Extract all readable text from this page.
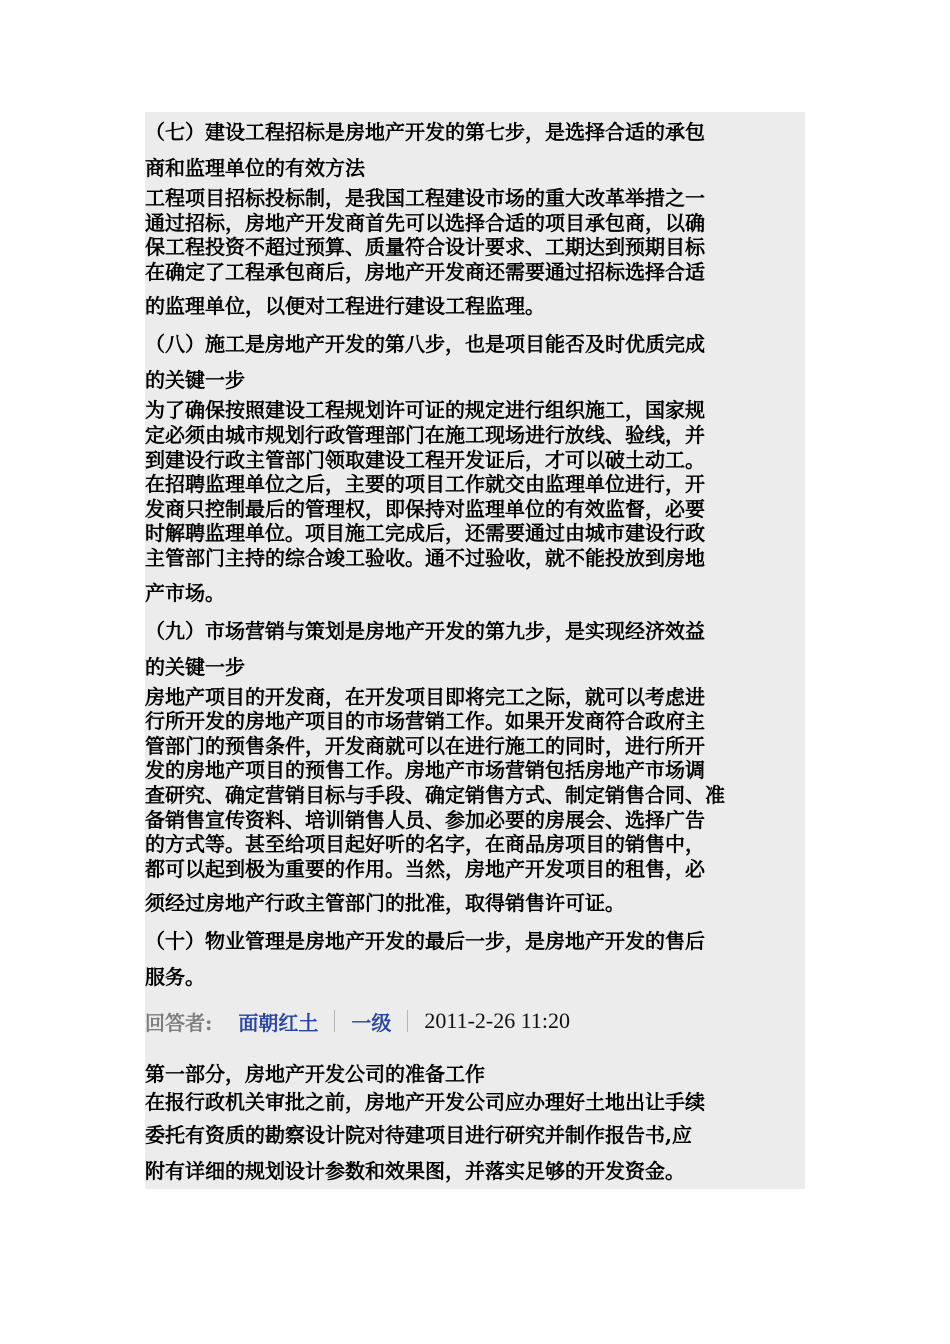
（七）建设工程招标是房地产开发的第七步，是选择合适的承包
商和监理单位的有效方法

工程项目招标投标制，是我国工程建设市场的重大改革举措之一

通过招标，房地产开发商首先可以选择合适的项目承包商，以确

保工程投资不超过预算、质量符合设计要求、工期达到预期目标

在确定了工程承包商后，房地产开发商还需要通过招标选择合适

的监理单位，以便对工程进行建设工程监理。

（八）施工是房地产开发的第八步，也是项目能否及时优质完成
的关键一步

为了确保按照建设工程规划许可证的规定进行组织施工，国家规

定必须由城市规划行政管理部门在施工现场进行放线、验线，并

到建设行政主管部门领取建设工程开发证后，才可以破土动工。

在招聘监理单位之后，主要的项目工作就交由监理单位进行，开

发商只控制最后的管理权，即保持对监理单位的有效监督，必要

时解聘监理单位。项目施工完成后，还需要通过由城市建设行政

主管部门主持的综合竣工验收。通不过验收，就不能投放到房地

产市场。

（九）市场营销与策划是房地产开发的第九步，是实现经济效益
的关键一步

房地产项目的开发商，在开发项目即将完工之际，就可以考虑进

行所开发的房地产项目的市场营销工作。如果开发商符合政府主

管部门的预售条件，开发商就可以在进行施工的同时，进行所开

发的房地产项目的预售工作。房地产市场营销包括房地产市场调

查研究、确定营销目标与手段、确定销售方式、制定销售合同、准

备销售宣传资料、培训销售人员、参加必要的房展会、选择广告

的方式等。甚至给项目起好听的名字，在商品房项目的销售中，

都可以起到极为重要的作用。当然，房地产开发项目的租售，必

须经过房地产行政主管部门的批准，取得销售许可证。

（十）物业管理是房地产开发的最后一步，是房地产开发的售后
服务。
回答者: 面朝红土 一级 2011-2-26 11:20

第一部分，房地产开发公司的准备工作

在报行政机关审批之前，房地产开发公司应办理好土地出让手续

委托有资质的勘察设计院对待建项目进行研究并制作报告书,应

附有详细的规划设计参数和效果图，并落实足够的开发资金。
